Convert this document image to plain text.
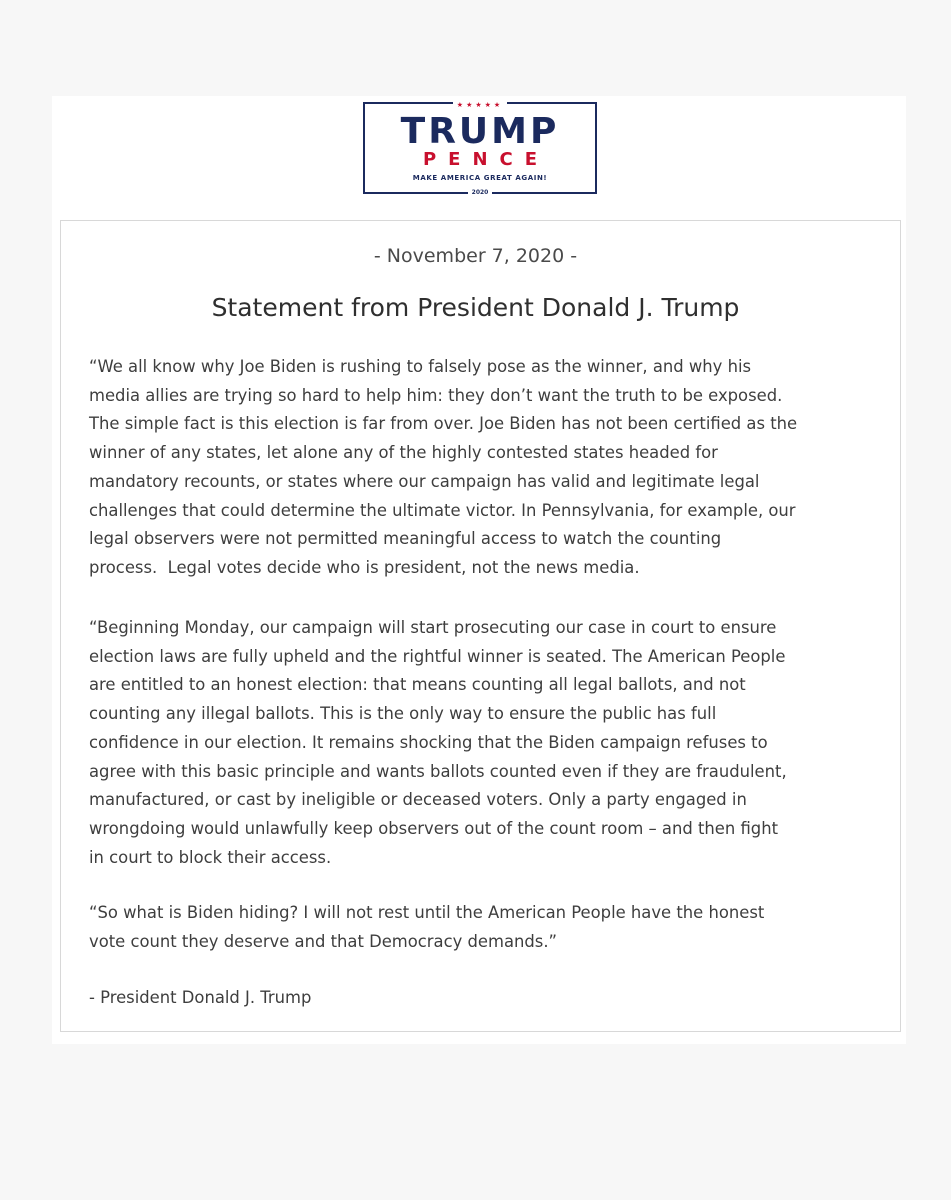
★★★★★
TRUMP
PENCE
MAKE AMERICA GREAT AGAIN!
2020
- November 7, 2020 -
Statement from President Donald J. Trump

“We all know why Joe Biden is rushing to falsely pose as the winner, and why his
media allies are trying so hard to help him: they don’t want the truth to be exposed.
The simple fact is this election is far from over. Joe Biden has not been certified as the
winner of any states, let alone any of the highly contested states headed for
mandatory recounts, or states where our campaign has valid and legitimate legal
challenges that could determine the ultimate victor. In Pennsylvania, for example, our
legal observers were not permitted meaningful access to watch the counting
process.  Legal votes decide who is president, not the news media.

“Beginning Monday, our campaign will start prosecuting our case in court to ensure
election laws are fully upheld and the rightful winner is seated. The American People
are entitled to an honest election: that means counting all legal ballots, and not
counting any illegal ballots. This is the only way to ensure the public has full
confidence in our election. It remains shocking that the Biden campaign refuses to
agree with this basic principle and wants ballots counted even if they are fraudulent,
manufactured, or cast by ineligible or deceased voters. Only a party engaged in
wrongdoing would unlawfully keep observers out of the count room – and then fight
in court to block their access.

“So what is Biden hiding? I will not rest until the American People have the honest
vote count they deserve and that Democracy demands.”

- President Donald J. Trump
